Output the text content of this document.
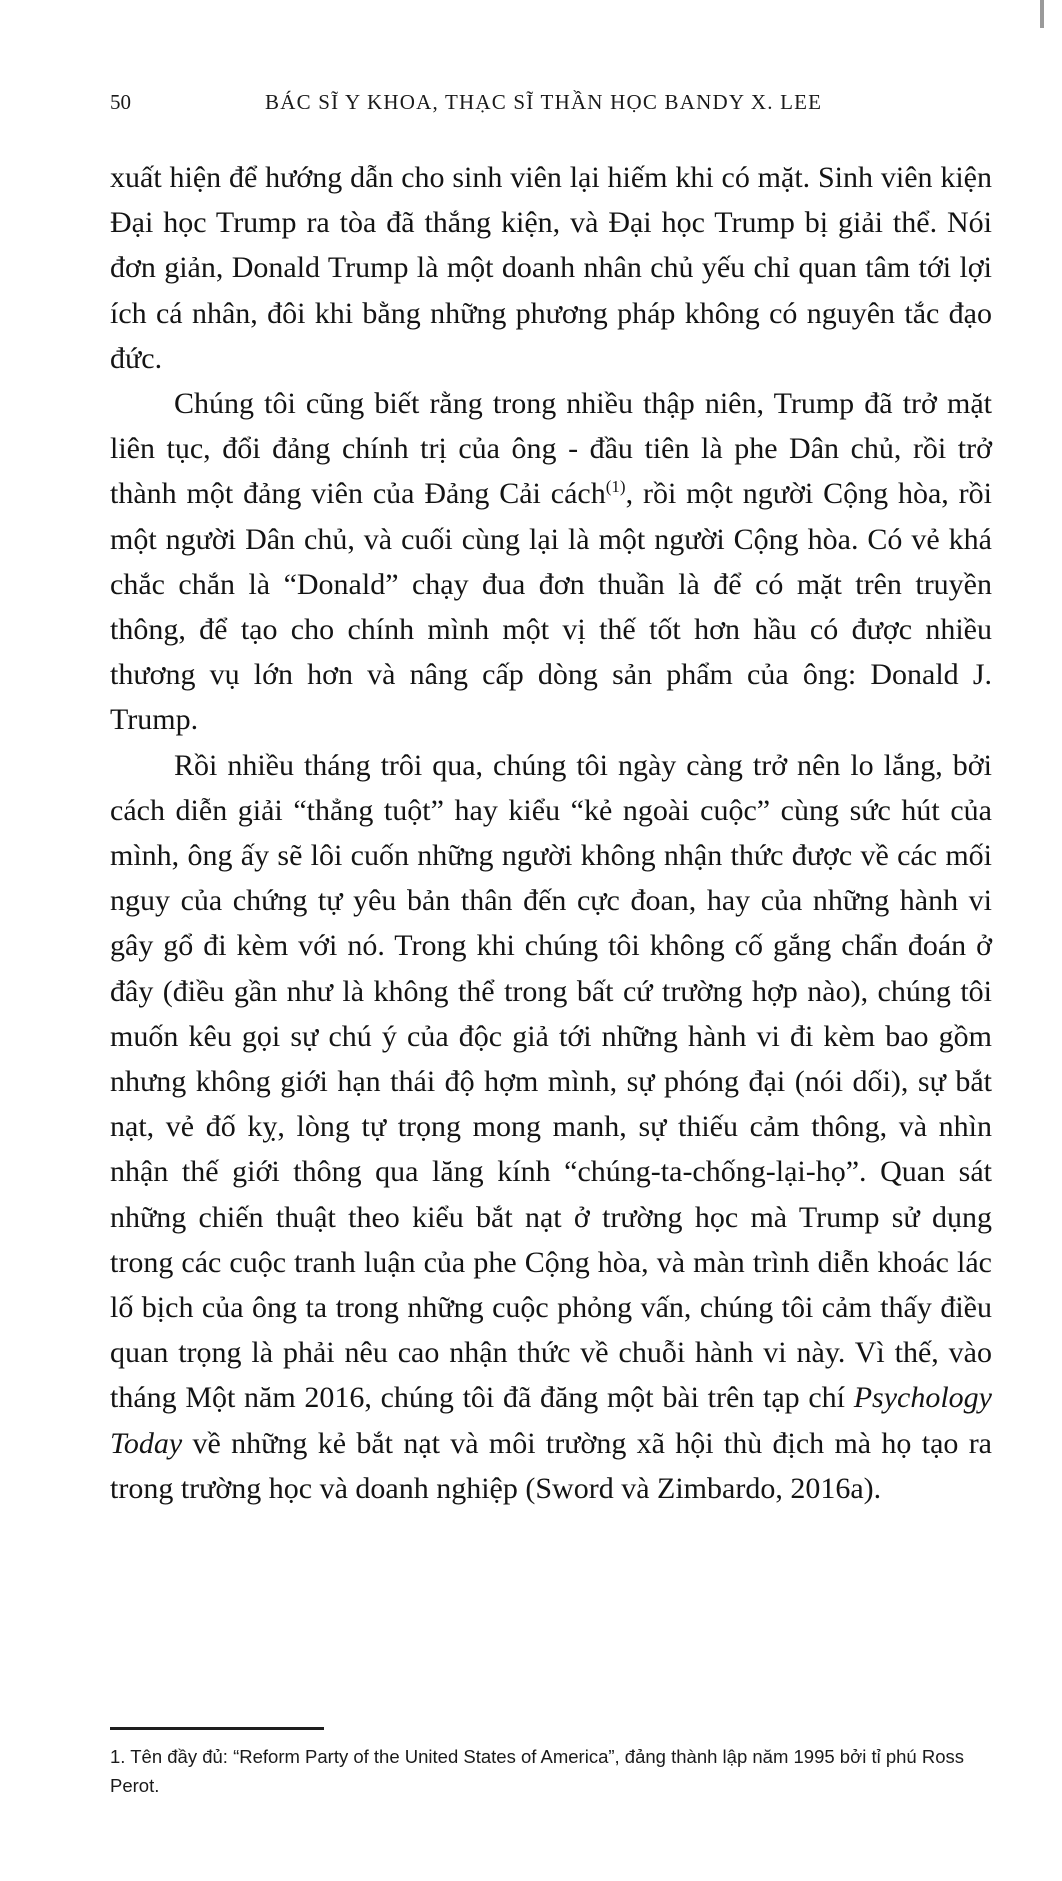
50	BÁC SĨ Y KHOA, THẠC SĨ THẦN HỌC BANDY X. LEE

xuất hiện để hướng dẫn cho sinh viên lại hiếm khi có mặt. Sinh viên kiện Đại học Trump ra tòa đã thắng kiện, và Đại học Trump bị giải thể. Nói đơn giản, Donald Trump là một doanh nhân chủ yếu chỉ quan tâm tới lợi ích cá nhân, đôi khi bằng những phương pháp không có nguyên tắc đạo đức.

Chúng tôi cũng biết rằng trong nhiều thập niên, Trump đã trở mặt liên tục, đổi đảng chính trị của ông - đầu tiên là phe Dân chủ, rồi trở thành một đảng viên của Đảng Cải cách$^{(1)}$, rồi một người Cộng hòa, rồi một người Dân chủ, và cuối cùng lại là một người Cộng hòa. Có vẻ khá chắc chắn là “Donald” chạy đua đơn thuần là để có mặt trên truyền thông, để tạo cho chính mình một vị thế tốt hơn hầu có được nhiều thương vụ lớn hơn và nâng cấp dòng sản phẩm của ông: Donald J. Trump.

Rồi nhiều tháng trôi qua, chúng tôi ngày càng trở nên lo lắng, bởi cách diễn giải “thẳng tuột” hay kiểu “kẻ ngoài cuộc” cùng sức hút của mình, ông ấy sẽ lôi cuốn những người không nhận thức được về các mối nguy của chứng tự yêu bản thân đến cực đoan, hay của những hành vi gây gổ đi kèm với nó. Trong khi chúng tôi không cố gắng chẩn đoán ở đây (điều gần như là không thể trong bất cứ trường hợp nào), chúng tôi muốn kêu gọi sự chú ý của độc giả tới những hành vi đi kèm bao gồm nhưng không giới hạn thái độ hợm mình, sự phóng đại (nói dối), sự bắt nạt, vẻ đố kỵ, lòng tự trọng mong manh, sự thiếu cảm thông, và nhìn nhận thế giới thông qua lăng kính “chúng-ta-chống-lại-họ”. Quan sát những chiến thuật theo kiểu bắt nạt ở trường học mà Trump sử dụng trong các cuộc tranh luận của phe Cộng hòa, và màn trình diễn khoác lác lố bịch của ông ta trong những cuộc phỏng vấn, chúng tôi cảm thấy điều quan trọng là phải nêu cao nhận thức về chuỗi hành vi này. Vì thế, vào tháng Một năm 2016, chúng tôi đã đăng một bài trên tạp chí Psychology Today về những kẻ bắt nạt và môi trường xã hội thù địch mà họ tạo ra trong trường học và doanh nghiệp (Sword và Zimbardo, 2016a).

1. Tên đầy đủ: “Reform Party of the United States of America”, đảng thành lập năm 1995 bởi tỉ phú Ross Perot.
